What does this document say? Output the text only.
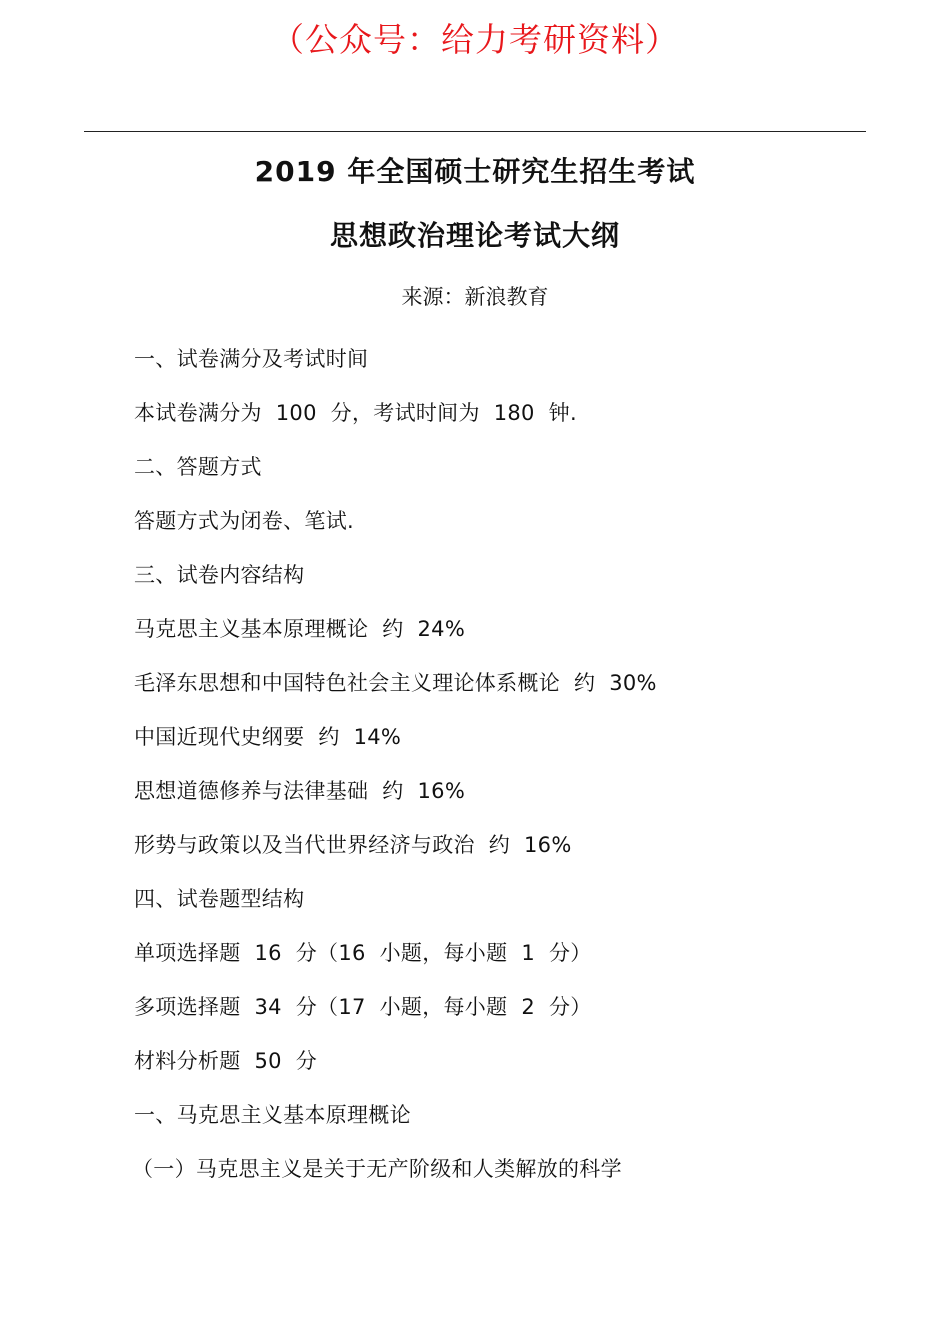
（公众号：给力考研资料）
2019 年全国硕士研究生招生考试
思想政治理论考试大纲
来源：新浪教育
一、试卷满分及考试时间
本试卷满分为  100  分，考试时间为  180  钟.
二、答题方式
答题方式为闭卷、笔试.
三、试卷内容结构
马克思主义基本原理概论  约  24%
毛泽东思想和中国特色社会主义理论体系概论  约  30%
中国近现代史纲要  约  14%
思想道德修养与法律基础  约  16%
形势与政策以及当代世界经济与政治  约  16%
四、试卷题型结构
单项选择题  16  分（16  小题，每小题  1  分）
多项选择题  34  分（17  小题，每小题  2  分）
材料分析题  50  分
一、马克思主义基本原理概论
（一）马克思主义是关于无产阶级和人类解放的科学
